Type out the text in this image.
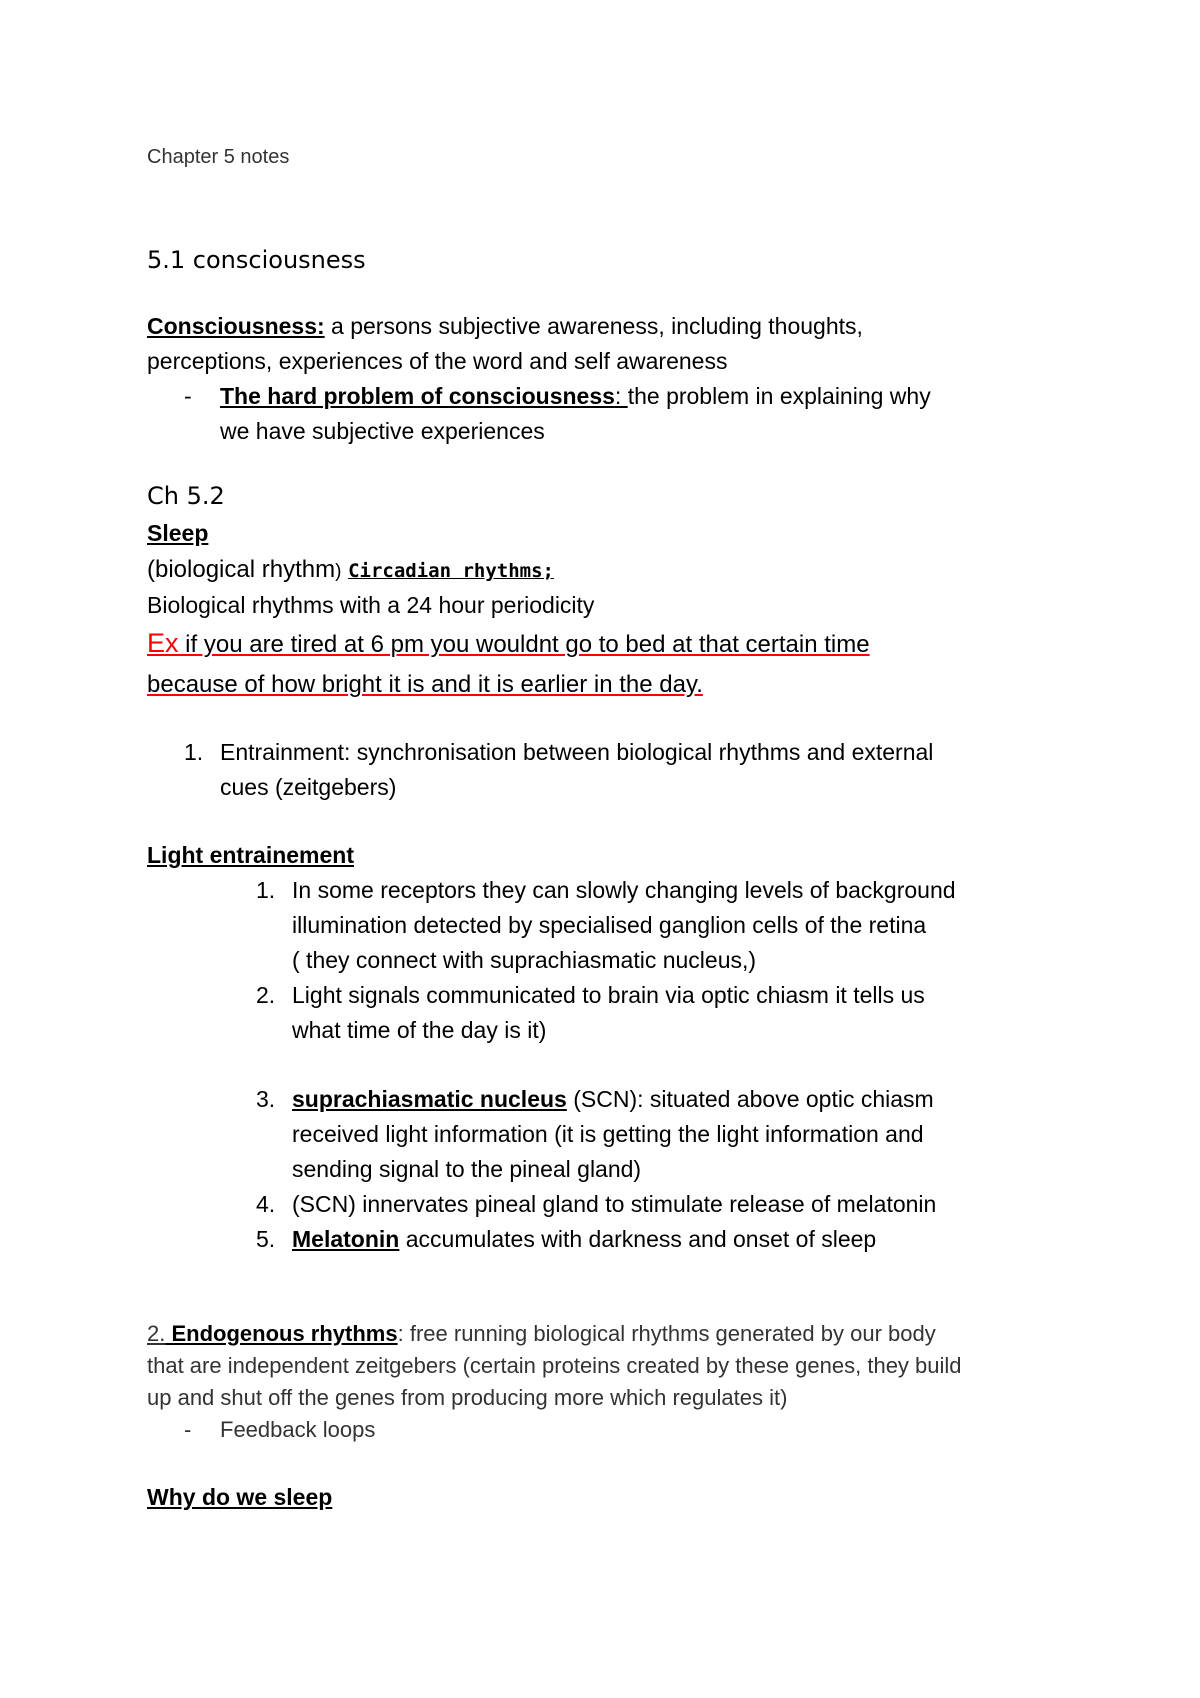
Chapter 5 notes
5.1 consciousness
Consciousness: a persons subjective awareness, including thoughts,
perceptions, experiences of the word and self awareness
- The hard problem of consciousness: the problem in explaining why
we have subjective experiences
Ch 5.2
Sleep
(biological rhythm) Circadian rhythms;
Biological rhythms with a 24 hour periodicity
Ex if you are tired at 6 pm you wouldnt go to bed at that certain time
because of how bright it is and it is earlier in the day.
1. Entrainment: synchronisation between biological rhythms and external
cues (zeitgebers)
Light entrainement
1. In some receptors they can slowly changing levels of background
illumination detected by specialised ganglion cells of the retina
( they connect with suprachiasmatic nucleus,)
2. Light signals communicated to brain via optic chiasm it tells us
what time of the day is it)
3. suprachiasmatic nucleus (SCN): situated above optic chiasm
received light information (it is getting the light information and
sending signal to the pineal gland)
4. (SCN) innervates pineal gland to stimulate release of melatonin
5. Melatonin accumulates with darkness and onset of sleep
2. Endogenous rhythms: free running biological rhythms generated by our body
that are independent zeitgebers (certain proteins created by these genes, they build
up and shut off the genes from producing more which regulates it)
- Feedback loops
Why do we sleep
